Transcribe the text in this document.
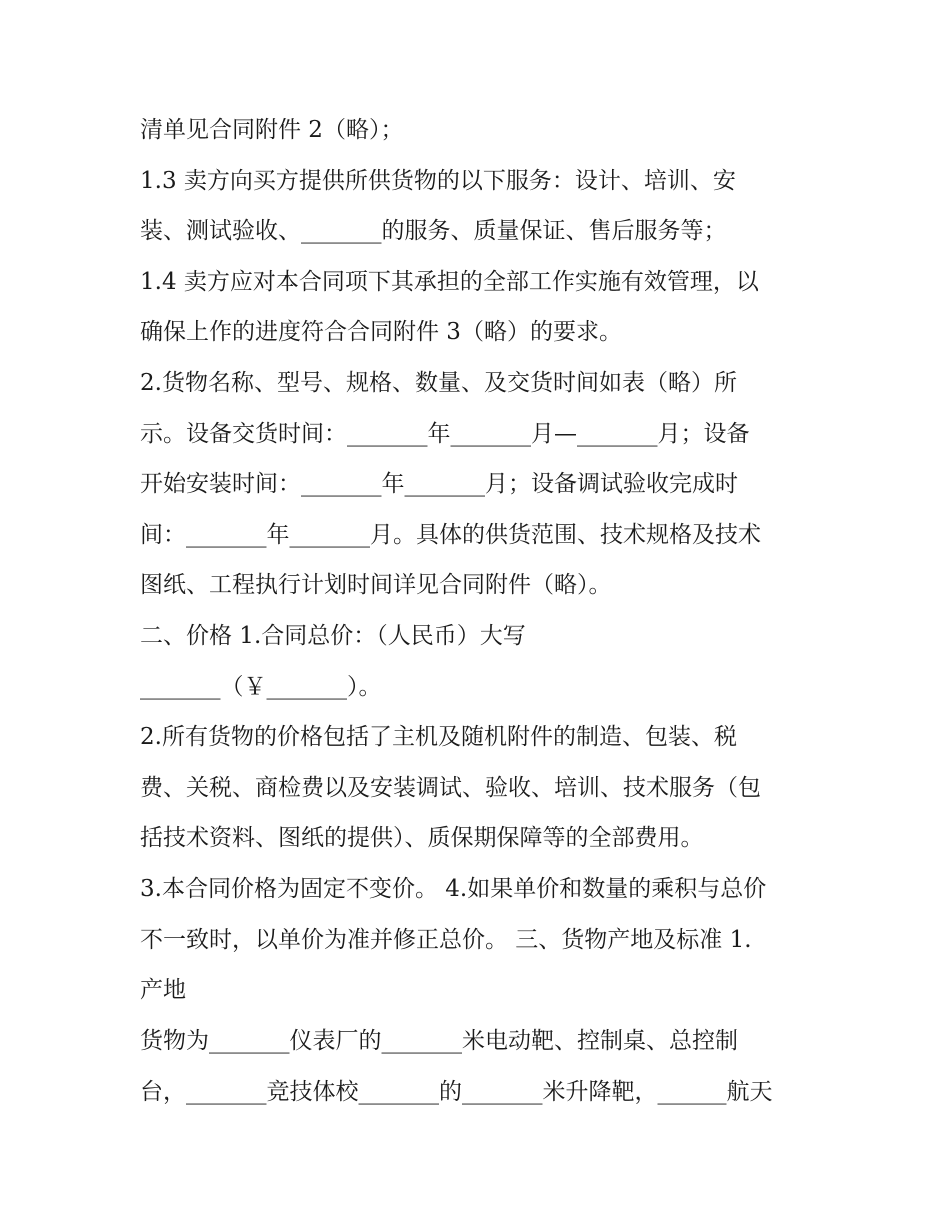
清单见合同附件 2（略）；
1.3 卖方向买方提供所供货物的以下服务：设计、培训、安
装、测试验收、_______的服务、质量保证、售后服务等；
1.4 卖方应对本合同项下其承担的全部工作实施有效管理，以
确保上作的进度符合合同附件 3（略）的要求。
2.货物名称、型号、规格、数量、及交货时间如表（略）所
示。设备交货时间：_______年_______月—_______月；设备
开始安装时间：_______年_______月；设备调试验收完成时
间：_______年_______月。具体的供货范围、技术规格及技术
图纸、工程执行计划时间详见合同附件（略）。
二、价格 1.合同总价：（人民币）大写
_______（￥_______）。
2.所有货物的价格包括了主机及随机附件的制造、包装、税
费、关税、商检费以及安装调试、验收、培训、技术服务（包
括技术资料、图纸的提供）、质保期保障等的全部费用。
3.本合同价格为固定不变价。 4.如果单价和数量的乘积与总价
不一致时，以单价为准并修正总价。 三、货物产地及标准 1.
产地
货物为_______仪表厂的_______米电动靶、控制桌、总控制
台，_______竞技体校_______的_______米升降靶，______航天
